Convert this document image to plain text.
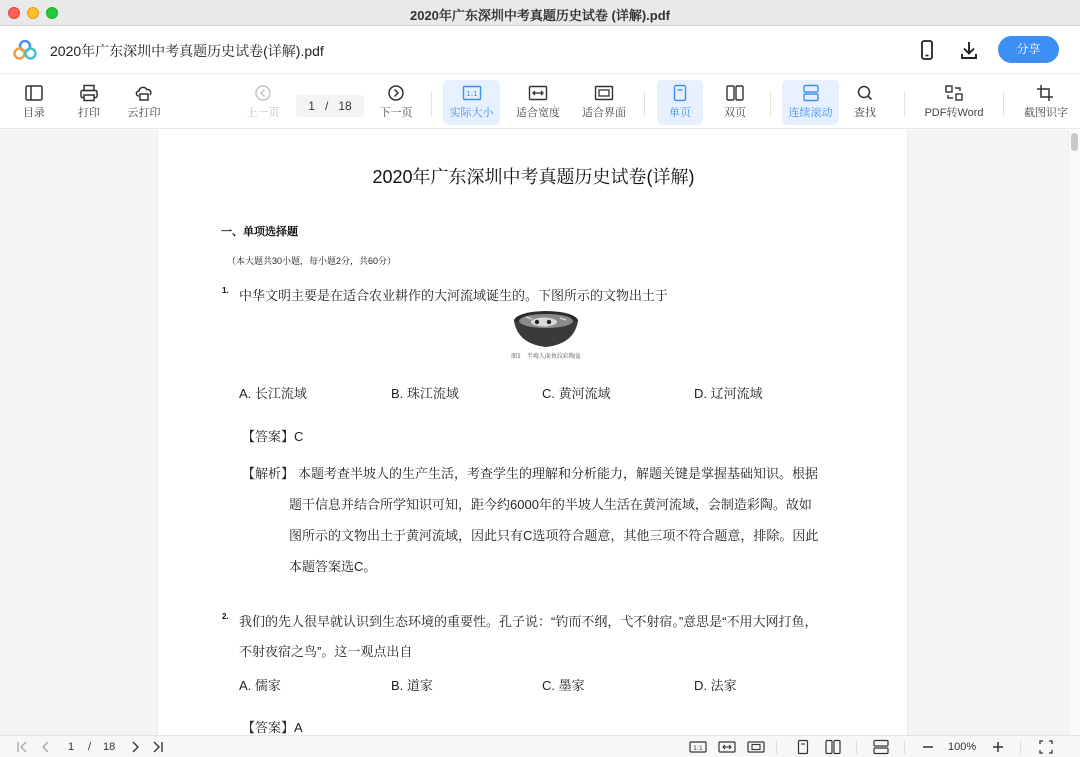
2020年广东深圳中考真题历史试卷 (详解).pdf
2020年广东深圳中考真题历史试卷(详解).pdf	分享
目录	打印	云打印	上一页	1 / 18	下一页
1:1
实际大小	适合宽度	适合界面	单页	双页	连续滚动	查找	PDF转Word	截图识字
2020年广东深圳中考真题历史试卷(详解)
一、单项选择题
（本大题共30小题，每小题2分，共60分）
1. 中华文明主要是在适合农业耕作的大河流域诞生的。下图所示的文物出土于
图1　半坡人面鱼纹彩陶盆
A. 长江流域	B. 珠江流域	C. 黄河流域	D. 辽河流域
【答案】C
【解析】 本题考查半坡人的生产生活，考查学生的理解和分析能力，解题关键是掌握基础知识。根据
题干信息并结合所学知识可知，距今约6000年的半坡人生活在黄河流域，会制造彩陶。故如
图所示的文物出土于黄河流域，因此只有C选项符合题意，其他三项不符合题意，排除。因此
本题答案选C。
2. 我们的先人很早就认识到生态环境的重要性。孔子说：“钓而不纲，弋不射宿。”意思是“不用大网打鱼，
不射夜宿之鸟”。这一观点出自
A. 儒家	B. 道家	C. 墨家	D. 法家
【答案】A
1 / 18	1:1	100%
